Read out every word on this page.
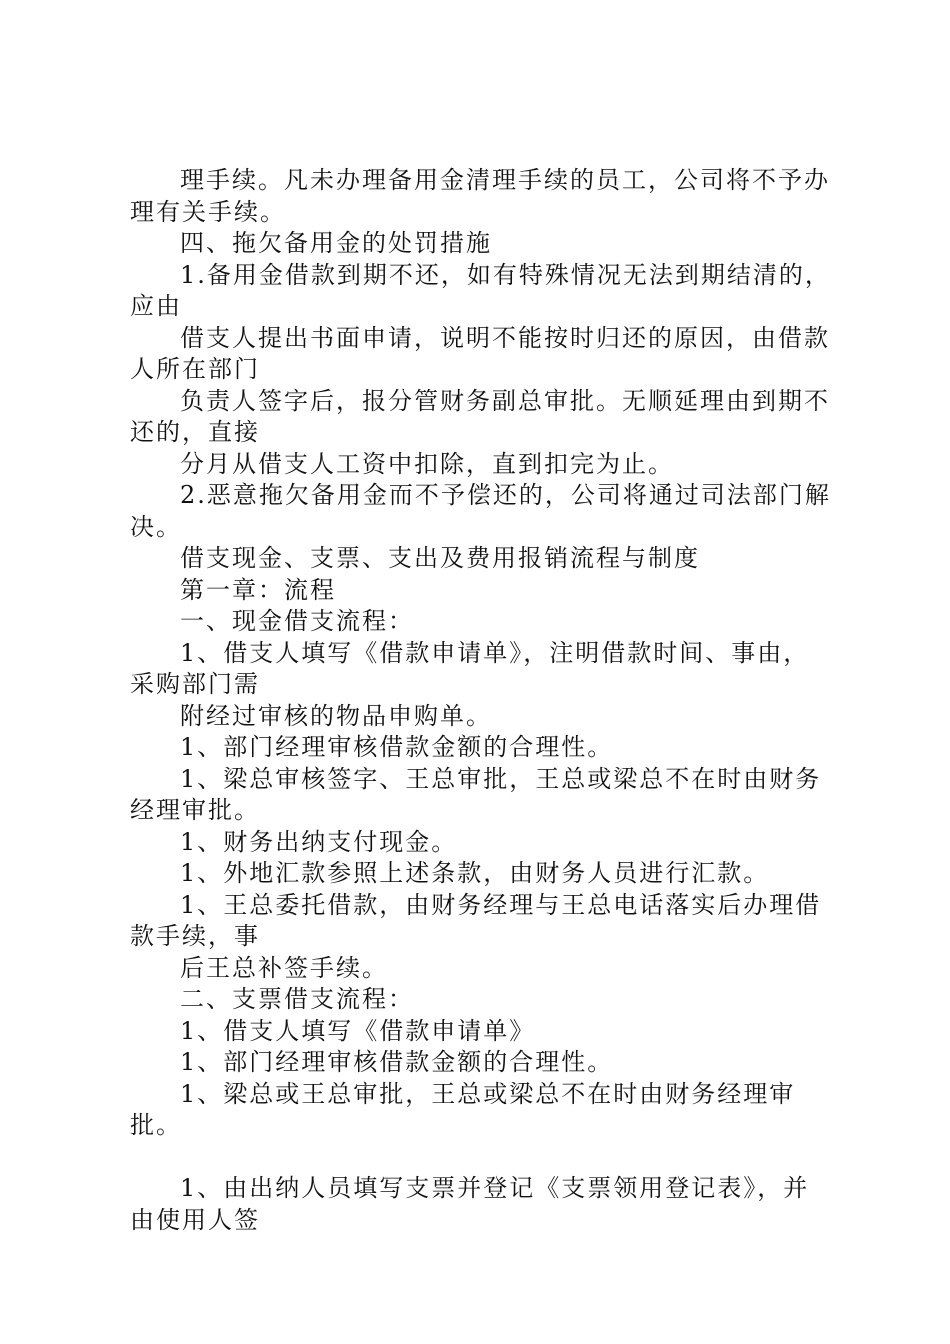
理手续。凡未办理备用金清理手续的员工，公司将不予办理有关手续。

四、拖欠备用金的处罚措施

1.备用金借款到期不还，如有特殊情况无法到期结清的，应由

借支人提出书面申请，说明不能按时归还的原因，由借款人所在部门

负责人签字后，报分管财务副总审批。无顺延理由到期不还的，直接

分月从借支人工资中扣除，直到扣完为止。

2.恶意拖欠备用金而不予偿还的，公司将通过司法部门解决。

借支现金、支票、支出及费用报销流程与制度

第一章：流程

一、现金借支流程：

1、借支人填写《借款申请单》，注明借款时间、事由，采购部门需

附经过审核的物品申购单。

1、部门经理审核借款金额的合理性。

1、梁总审核签字、王总审批，王总或梁总不在时由财务经理审批。

1、财务出纳支付现金。

1、外地汇款参照上述条款，由财务人员进行汇款。

1、王总委托借款，由财务经理与王总电话落实后办理借款手续，事

后王总补签手续。

二、支票借支流程：

1、借支人填写《借款申请单》

1、部门经理审核借款金额的合理性。

1、梁总或王总审批，王总或梁总不在时由财务经理审批。

1、由出纳人员填写支票并登记《支票领用登记表》，并由使用人签
